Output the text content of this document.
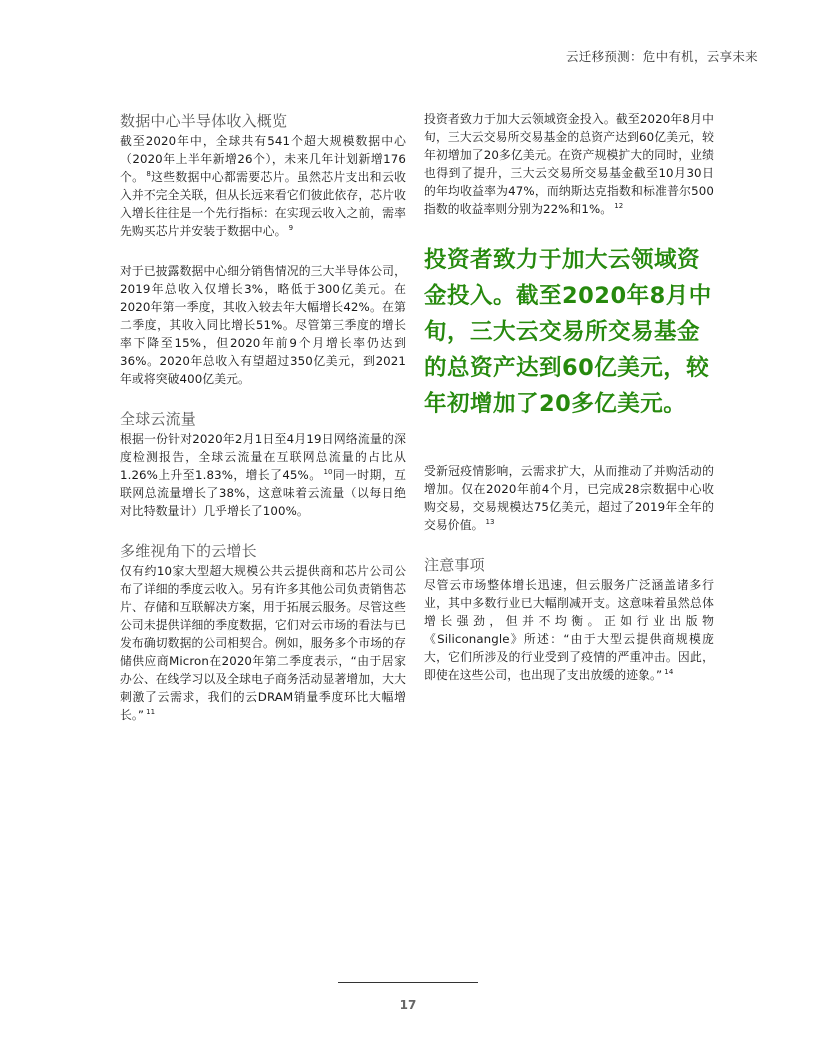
云迁移预测：危中有机，云享未来
数据中心半导体收入概览

截至2020年中，全球共有541个超大规模数据中心（2020年上半年新增26个），未来几年计划新增176个。 $^8$这些数据中心都需要芯片。虽然芯片支出和云收入并不完全关联，但从长远来看它们彼此依存，芯片收入增长往往是一个先行指标：在实现云收入之前，需率先购买芯片并安装于数据中心。 $^9$

对于已披露数据中心细分销售情况的三大半导体公司，2019年总收入仅增长3%，略低于300亿美元。在2020年第一季度，其收入较去年大幅增长42%。在第二季度，其收入同比增长51%。尽管第三季度的增长率下降至15%，但2020年前9个月增长率仍达到36%。2020年总收入有望超过350亿美元，到2021年或将突破400亿美元。

全球云流量

根据一份针对2020年2月1日至4月19日网络流量的深度检测报告，全球云流量在互联网总流量的占比从1.26%上升至1.83%，增长了45%。 $^{10}$同一时期，互联网总流量增长了38%，这意味着云流量（以每日绝对比特数量计）几乎增长了100%。

多维视角下的云增长

仅有约10家大型超大规模公共云提供商和芯片公司公布了详细的季度云收入。另有许多其他公司负责销售芯片、存储和互联解决方案，用于拓展云服务。尽管这些公司未提供详细的季度数据，它们对云市场的看法与已发布确切数据的公司相契合。例如，服务多个市场的存储供应商Micron在2020年第二季度表示，“由于居家办公、在线学习以及全球电子商务活动显著增加，大大刺激了云需求，我们的云DRAM销量季度环比大幅增长。” $^{11}$

投资者致力于加大云领域资金投入。截至2020年8月中旬，三大云交易所交易基金的总资产达到60亿美元，较年初增加了20多亿美元。在资产规模扩大的同时，业绩也得到了提升，三大云交易所交易基金截至10月30日的年均收益率为47%，而纳斯达克指数和标准普尔500指数的收益率则分别为22%和1%。 $^{12}$

投资者致力于加大云领域资金投入。截至2020年8月中旬，三大云交易所交易基金的总资产达到60亿美元，较年初增加了20多亿美元。

受新冠疫情影响，云需求扩大，从而推动了并购活动的增加。仅在2020年前4个月，已完成28宗数据中心收购交易，交易规模达75亿美元，超过了2019年全年的交易价值。 $^{13}$

注意事项

尽管云市场整体增长迅速，但云服务广泛涵盖诸多行业，其中多数行业已大幅削减开支。这意味着虽然总体增长强劲，但并不均衡。正如行业出版物《Siliconangle》所述：“由于大型云提供商规模庞大，它们所涉及的行业受到了疫情的严重冲击。因此，即使在这些公司，也出现了支出放缓的迹象。” $^{14}$

17
